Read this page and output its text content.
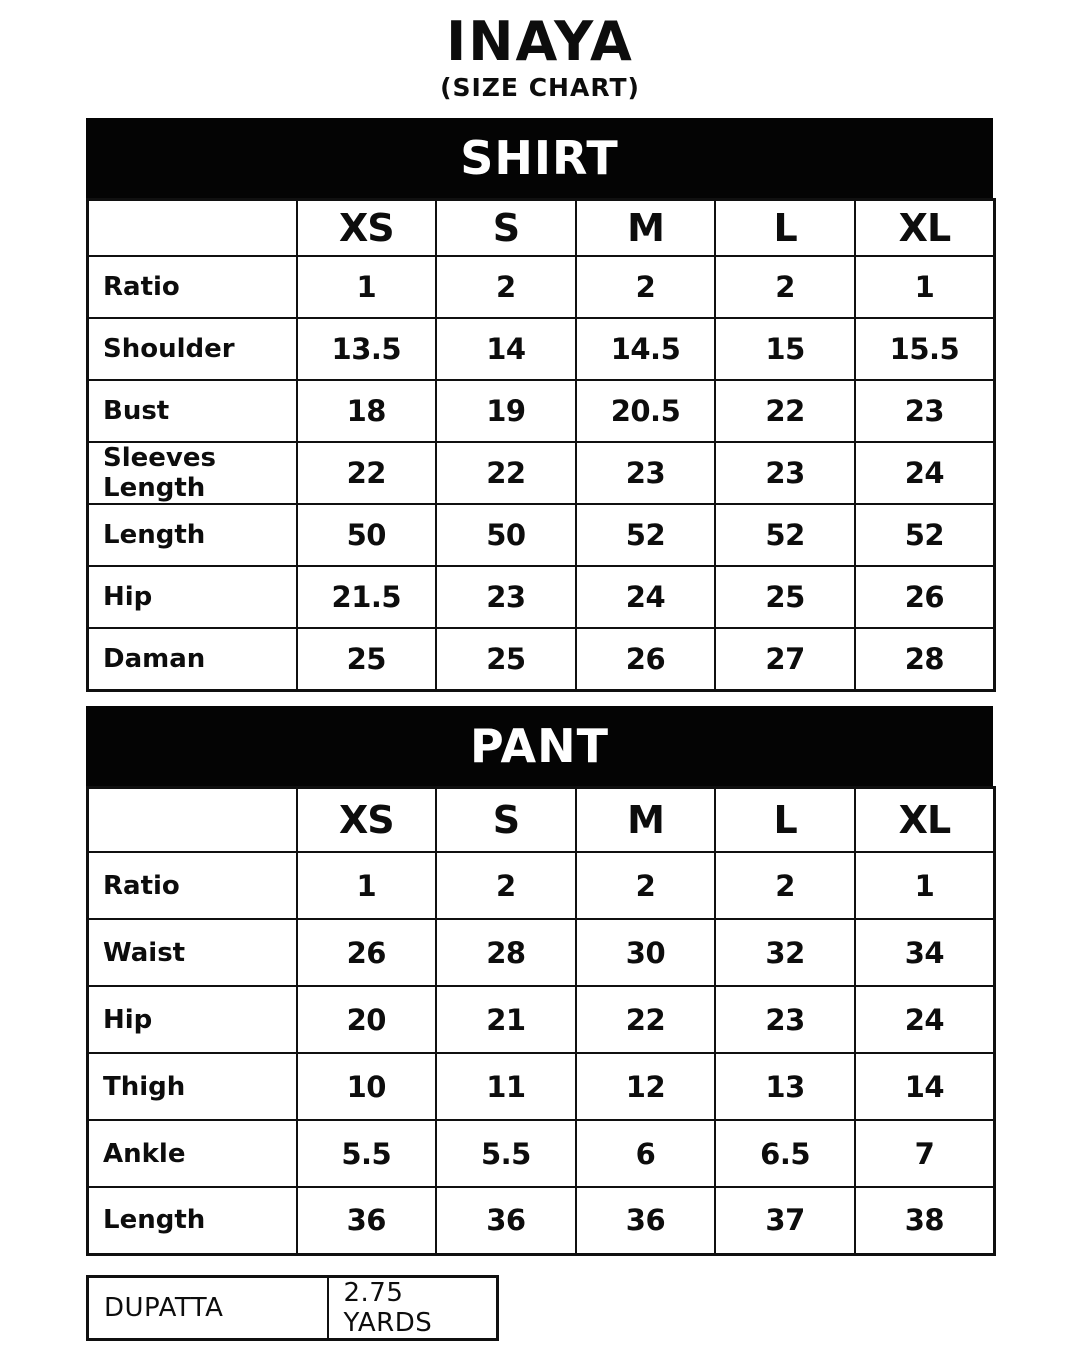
INAYA
(SIZE CHART)
SHIRT
	XS	S	M	L	XL
Ratio	1	2	2	2	1
Shoulder	13.5	14	14.5	15	15.5
Bust	18	19	20.5	22	23
Sleeves Length	22	22	23	23	24
Length	50	50	52	52	52
Hip	21.5	23	24	25	26
Daman	25	25	26	27	28
PANT
	XS	S	M	L	XL
Ratio	1	2	2	2	1
Waist	26	28	30	32	34
Hip	20	21	22	23	24
Thigh	10	11	12	13	14
Ankle	5.5	5.5	6	6.5	7
Length	36	36	36	37	38
DUPATTA	2.75 YARDS
